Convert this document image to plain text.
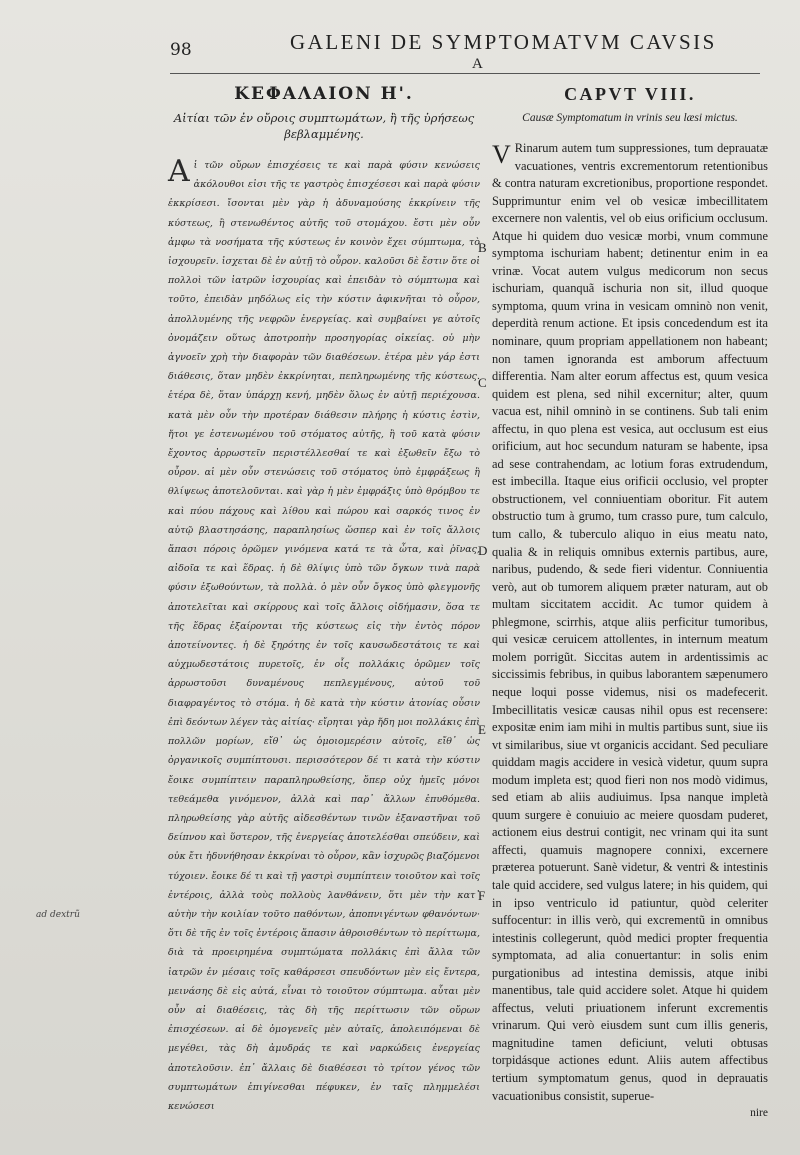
98	GALENI DE SYMPTOMATVM CAVSIS
A
ΚΕΦΑΛΑΙΟΝ Η'.
Αἰτίαι τῶν ἐν οὔροις συμπτωμάτων, ἢ τῆς ὑρήσεως βεβλαμμένης.
Α ἱ τῶν οὔρων ἐπισχέσεις τε καὶ παρὰ φύσιν κενώσεις ἀκόλουθοι εἰσι τῆς τε γαστρὸς ἐπισχέσεσι καὶ παρὰ φύσιν ἐκκρίσεσι. ἴσονται μὲν γὰρ ἡ ἀδυναμούσης ἐκκρίνειν τῆς κύστεως, ἢ στενωθέντος αὐτῆς τοῦ στομάχου. ἔστι μὲν οὖν ἀμφω τὰ νοσήματα τῆς κύστεως ἐν κοινὸν ἔχει σύμπτωμα, τὸ ἰσχουρεῖν. ἰσχεται δὲ ἐν αὐτῇ τὸ οὖρον. καλοῦσι δὲ ἔστιν ὅτε οἱ πολλοὶ τῶν ἰατρῶν ἰσχουρίας καὶ ἐπειδὰν τὸ σύμπτωμα καὶ τοῦτο, ἐπειδὰν μηδόλως εἰς τὴν κύστιν ἀφικνῆται τὸ οὖρον, ἀπολλυμένης τῆς νεφρῶν ἐνεργείας. καὶ συμβαίνει γε αὐτοῖς ὀνομάζειν οὕτως ἀποτροπὴν προσηγορίας οἰκείας. οὐ μὴν ἀγνοεῖν χρὴ τὴν διαφορὰν τῶν διαθέσεων. ἑτέρα μὲν γάρ ἐστι διάθεσις, ὅταν μηδὲν ἐκκρίνηται, πεπληρωμένης τῆς κύστεως. ἑτέρα δὲ, ὅταν ὑπάρχῃ κενή, μηδὲν ὅλως ἐν αὐτῇ περιέχουσα. κατὰ μὲν οὖν τὴν προτέραν διάθεσιν πλήρης ἡ κύστις ἐστὶν, ἤτοι γε ἐστενωμένου τοῦ στόματος αὐτῆς, ἢ τοῦ κατὰ φύσιν ἔχοντος ἀρρωστεῖν περιστέλλεσθαί τε καὶ ἐξωθεῖν ἔξω τὸ οὖρον. αἱ μὲν οὖν στενώσεις τοῦ στόματος ὑπὸ ἐμφράξεως ἢ θλίψεως ἀποτελοῦνται. καὶ γὰρ ἡ μὲν ἐμφράξις ὑπὸ θρόμβου τε καὶ πύου πάχους καὶ λίθου καὶ πώρου καὶ σαρκός τινος ἐν αὐτῷ βλαστησάσης, παραπλησίως ὥσπερ καὶ ἐν τοῖς ἄλλοις ἅπασι πόροις ὁρῶμεν γινόμενα κατά τε τὰ ὦτα, καὶ ῥῖνας, αἰδοῖα τε καὶ ἕδρας. ἡ δὲ θλίψις ὑπὸ τῶν ὄγκων τινὰ παρὰ φύσιν ἐξωθούντων, τὰ πολλὰ. ὁ μὲν οὖν ὄγκος ὑπὸ φλεγμονῆς ἀποτελεῖται καὶ σκίρρους καὶ τοῖς ἄλλοις οἰδήμασιν, ὅσα τε τῆς ἕδρας ἐξαίρονται τῆς κύστεως εἰς τὴν ἐντὸς πόρον ἀποτείνοντες. ἡ δὲ ξηρότης ἐν τοῖς καυσωδεστάτοις τε καὶ αὐχμωδεστάτοις πυρετοῖς, ἐν οἷς πολλάκις ὁρῶμεν τοῖς ἀρρωστοῦσι δυναμένους πεπλεγμένους, αὐτοῦ τοῦ διαφραγέντος τὸ στόμα. ἡ δὲ κατὰ τὴν κύστιν ἀτονίας οὖσιν ἐπὶ δεόντων λέγεν τὰς αἰτίας· εἴρηται γὰρ ἤδη μοι πολλάκις ἐπὶ πολλῶν μορίων, εἴθ᾽ ὡς ὁμοιομερέσιν αὐτοῖς, εἴθ᾽ ὡς ὀργανικοῖς συμπίπτουσι. περισσότερον δέ τι κατὰ τὴν κύστιν ἔοικε συμπίπτειν παραπληρωθείσης, ὅπερ οὐχ ἡμεῖς μόνοι τεθεάμεθα γινόμενον, ἀλλὰ καὶ παρ᾽ ἄλλων ἐπυθόμεθα. πληρωθείσης γὰρ αὐτῆς αἰδεσθέντων τινῶν ἐξαναστῆναι τοῦ δείπνου καὶ ὕστερον, τῆς ἐνεργείας ἀποτελέσθαι σπεύδειν, καὶ οὐκ ἔτι ἠδυνήθησαν ἐκκρίναι τὸ οὖρον, κἂν ἰσχυρῶς βιαζόμενοι τύχοιεν. ἔοικε δέ τι καὶ τῇ γαστρὶ συμπίπτειν τοιοῦτον καὶ τοῖς ἐντέροις, ἀλλὰ τοὺς πολλοὺς λανθάνειν, ὅτι μὲν τὴν κατ᾽ αὐτὴν τὴν κοιλίαν τοῦτο παθόντων, ἀποπνιγέντων φθανόντων· ὅτι δὲ τῆς ἐν τοῖς ἐντέροις ἅπασιν ἀθροισθέντων τὸ περίττωμα, διὰ τὰ προειρημένα συμπτώματα πολλάκις ἐπὶ ἄλλα τῶν ἰατρῶν ἐν μέσαις τοῖς καθάρσεσι σπευδόντων μὲν εἰς ἔντερα, μεινάσης δὲ εἰς αὐτά, εἶναι τὸ τοιοῦτον σύμπτωμα. αὗται μὲν οὖν αἱ διαθέσεις, τὰς δὴ τῆς περίττωσιν τῶν οὔρων ἐπισχέσεων. αἱ δὲ ὁμογενεῖς μὲν αὐταῖς, ἀπολειπόμεναι δὲ μεγέθει, τὰς δὴ ἀμυδράς τε καὶ ναρκώδεις ἐνεργείας ἀποτελοῦσιν. ἐπ᾽ ἄλλαις δὲ διαθέσεσι τὸ τρίτον γένος τῶν συμπτωμάτων ἐπιγίνεσθαι πέφυκεν, ἐν ταῖς πλημμελέσι κενώσεσι
CAPVT VIII.
Causæ Symptomatum in vrinis seu læsi mictus.
V Rinarum autem tum suppressiones, tum deprauatæ vacuationes, ventris excrementorum retentionibus & contra naturam excretionibus, proportione respondet. Supprimuntur enim vel ob vesicæ imbecillitatem excernere non valentis, vel ob eius orificium occlusum. Atque hi quidem duo vesicæ morbi, vnum commune symptoma ischuriam habent; detinentur enim in ea vrinæ. Vocat autem vulgus medicorum non secus ischuriam, quanquã ischuria non sit, illud quoque symptoma, quum vrina in vesicam omninò non venit, deperdità renum actione. Et ipsis concedendum est ita nominare, quum propriam appellationem non habeant; non tamen ignoranda est amborum affectuum differentia. Nam alter eorum affectus est, quum vesica quidem est plena, sed nihil excernitur; alter, quum vacua est, nihil omninò in se continens. Sub tali enim affectu, in quo plena est vesica, aut occlusum est eius orificium, aut hoc secundum naturam se habente, ipsa ad sese contrahendam, ac lotium foras extrudendum, est imbecilla. Itaque eius orificii occlusio, vel propter obstructionem, vel conniuentiam oboritur. Fit autem obstructio tum à grumo, tum crasso pure, tum calculo, tum callo, & tuberculo aliquo in eius meatu nato, qualia & in reliquis omnibus externis partibus, aure, naribus, pudendo, & sede fieri videntur. Conniuentia verò, aut ob tumorem aliquem præter naturam, aut ob multam siccitatem accidit. Ac tumor quidem à phlegmone, scirrhis, atque aliis perficitur tumoribus, qui vesicæ ceruicem attollentes, in internum meatum molem porrigũt. Siccitas autem in ardentissimis ac siccissimis febribus, in quibus laborantem sæpenumero neque loqui posse videmus, nisi os madefecerit. Imbecillitatis vesicæ causas nihil opus est recensere: expositæ enim iam mihi in multis partibus sunt, siue iis vt similaribus, siue vt organicis accidant. Sed peculiare quiddam magis accidere in vesicà videtur, quum supra modum impleta est; quod fieri non nos modò vidimus, sed etiam ab aliis audiuimus. Ipsa nanque impletà quum surgere è conuiuio ac meiere quosdam puderet, actionem eius destrui contigit, nec vrinam qui ita sunt affecti, quamuis magnopere connixi, excernere præterea potuerunt. Sanè videtur, & ventri & intestinis tale quid accidere, sed vulgus latere; in his quidem, qui in ipso ventriculo id patiuntur, quòd celeriter suffocentur: in illis verò, qui excrementũ in omnibus intestinis collegerunt, quòd medici propter frequentia symptomata, ad alia conuertantur: in solis enim purgationibus ad intestina demissis, atque inibi manentibus, tale quid accidere solet. Atque hi quidem affectus, veluti priuationem inferunt excrementis vrinarum. Qui verò eiusdem sunt cum illis generis, magnitudine tamen deficiunt, veluti obtusas torpidásque actiones edunt. Aliis autem affectibus tertium symptomatum genus, quod in deprauatis vacuationibus consistit, superue-
nire
B
C
D
E
F
ad dextrũ
